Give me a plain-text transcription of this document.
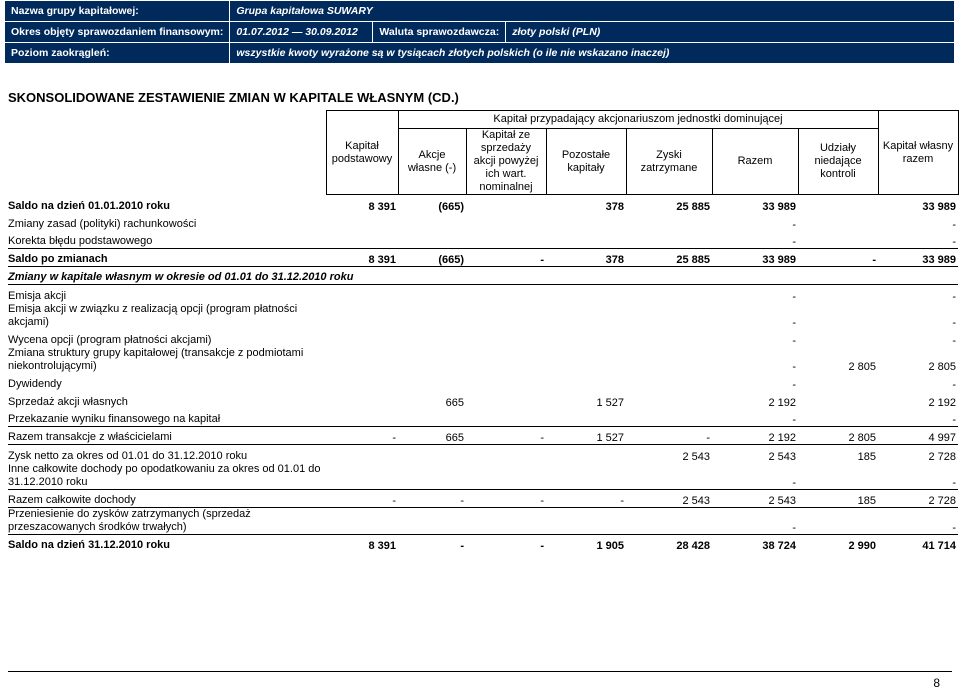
Nazwa grupy kapitałowej:	Grupa kapitałowa SUWARY		
Okres objęty sprawozdaniem finansowym:	01.07.2012 — 30.09.2012	Waluta sprawozdawcza:	złoty polski (PLN)
Poziom zaokrągleń:	wszystkie kwoty wyrażone są w tysiącach złotych polskich (o ile nie wskazano inaczej)		
SKONSOLIDOWANE ZESTAWIENIE ZMIAN W KAPITALE WŁASNYM (CD.)
	Kapitał podstawowy	Kapitał przypadający akcjonariuszom jednostki dominującej						Kapitał własny razem
		Akcje własne (-)	Kapitał ze sprzedaży akcji powyżej ich wart. nominalnej	Pozostałe kapitały	Zyski zatrzymane	Razem	Udziały niedające kontroli	
Saldo na dzień 01.01.2010 roku	8 391	(665)		378	25 885	33 989		33 989
Zmiany zasad (polityki) rachunkowości						-		-
Korekta błędu podstawowego						-		-
Saldo po zmianach	8 391	(665)	-	378	25 885	33 989	-	33 989
Zmiany w kapitale własnym w okresie od 01.01 do 31.12.2010 roku								
Emisja akcji						-		-
Emisja akcji w związku z realizacją opcji (program płatności akcjami)						-		-
Wycena opcji (program płatności akcjami)						-		-
Zmiana struktury grupy kapitałowej (transakcje z podmiotami niekontrolującymi)						-	2 805	2 805
Dywidendy						-		-
Sprzedaż akcji własnych		665		1 527		2 192		2 192
Przekazanie wyniku finansowego na kapitał						-		-
Razem transakcje z właścicielami	-	665	-	1 527	-	2 192	2 805	4 997
Zysk netto za okres od 01.01 do 31.12.2010 roku					2 543	2 543	185	2 728
Inne całkowite dochody po opodatkowaniu za okres od 01.01 do 31.12.2010 roku						-		-
Razem całkowite dochody	-	-	-	-	2 543	2 543	185	2 728
Przeniesienie do zysków zatrzymanych (sprzedaż przeszacowanych środków trwałych)						-		-
Saldo na dzień 31.12.2010 roku	8 391	-	-	1 905	28 428	38 724	2 990	41 714
8
